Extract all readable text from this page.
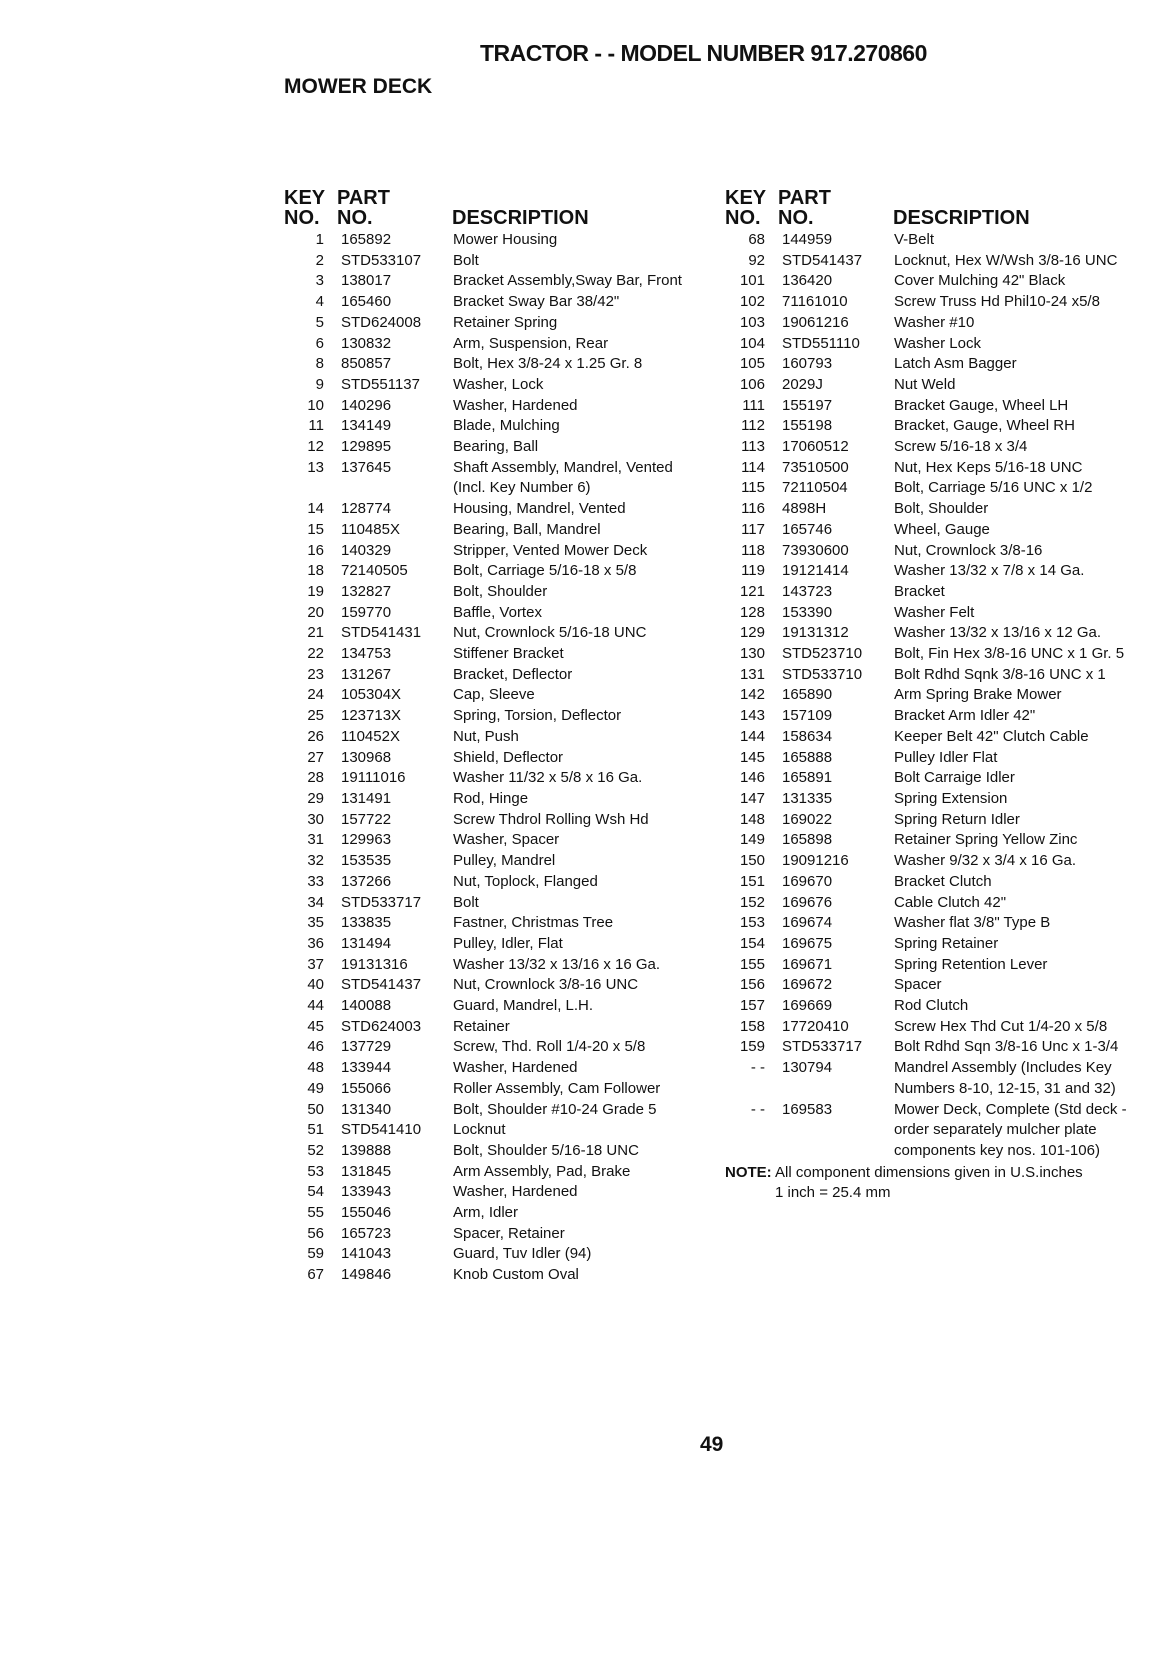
TRACTOR - - MODEL NUMBER 917.270860
MOWER DECK
KEY
NO.
PART
NO.	DESCRIPTION
1 165892	Mower Housing
2 STD533107	Bolt
3 138017	Bracket Assembly,Sway Bar, Front
4 165460	Bracket Sway Bar 38/42"
5 STD624008	Retainer Spring
6 130832	Arm, Suspension, Rear
8 850857	Bolt, Hex 3/8-24 x 1.25 Gr. 8
9 STD551137	Washer, Lock
10 140296	Washer, Hardened
11 134149	Blade, Mulching
12 129895	Bearing, Ball
13 137645	Shaft Assembly, Mandrel, Vented (Incl. Key Number 6)
14 128774	Housing, Mandrel, Vented
15 110485X	Bearing, Ball, Mandrel
16 140329	Stripper, Vented Mower Deck
18 72140505	Bolt, Carriage 5/16-18 x 5/8
19 132827	Bolt, Shoulder
20 159770	Baffle, Vortex
21 STD541431	Nut, Crownlock 5/16-18 UNC
22 134753	Stiffener Bracket
23 131267	Bracket, Deflector
24 105304X	Cap, Sleeve
25 123713X	Spring, Torsion, Deflector
26 110452X	Nut, Push
27 130968	Shield, Deflector
28 19111016	Washer 11/32 x 5/8 x 16 Ga.
29 131491	Rod, Hinge
30 157722	Screw Thdrol Rolling Wsh Hd
31 129963	Washer, Spacer
32 153535	Pulley, Mandrel
33 137266	Nut, Toplock, Flanged
34 STD533717	Bolt
35 133835	Fastner, Christmas Tree
36 131494	Pulley, Idler, Flat
37 19131316	Washer 13/32 x 13/16 x 16 Ga.
40 STD541437	Nut, Crownlock 3/8-16 UNC
44 140088	Guard, Mandrel, L.H.
45 STD624003	Retainer
46 137729	Screw, Thd. Roll 1/4-20 x 5/8
48 133944	Washer, Hardened
49 155066	Roller Assembly, Cam Follower
50 131340	Bolt, Shoulder #10-24 Grade 5
51 STD541410	Locknut
52 139888	Bolt, Shoulder 5/16-18 UNC
53 131845	Arm Assembly, Pad, Brake
54 133943	Washer, Hardened
55 155046	Arm, Idler
56 165723	Spacer, Retainer
59 141043	Guard, Tuv Idler (94)
67 149846	Knob Custom Oval
KEY
NO.
PART
NO.	DESCRIPTION
68 144959	V-Belt
92 STD541437	Locknut, Hex W/Wsh 3/8-16 UNC
101 136420	Cover Mulching 42" Black
102 71161010	Screw Truss Hd Phil10-24 x5/8
103 19061216	Washer #10
104 STD551110	Washer Lock
105 160793	Latch Asm Bagger
106 2029J	Nut Weld
111 155197	Bracket Gauge, Wheel LH
112 155198	Bracket, Gauge, Wheel RH
113 17060512	Screw 5/16-18 x 3/4
114 73510500	Nut, Hex Keps 5/16-18 UNC
115 72110504	Bolt, Carriage 5/16 UNC x 1/2
116 4898H	Bolt, Shoulder
117 165746	Wheel, Gauge
118 73930600	Nut, Crownlock 3/8-16
119 19121414	Washer 13/32 x 7/8 x 14 Ga.
121 143723	Bracket
128 153390	Washer Felt
129 19131312	Washer 13/32 x 13/16 x 12 Ga.
130 STD523710	Bolt, Fin Hex 3/8-16 UNC x 1 Gr. 5
131 STD533710	Bolt Rdhd Sqnk 3/8-16 UNC x 1
142 165890	Arm Spring Brake Mower
143 157109	Bracket Arm Idler 42"
144 158634	Keeper Belt 42" Clutch Cable
145 165888	Pulley Idler Flat
146 165891	Bolt Carraige Idler
147 131335	Spring Extension
148 169022	Spring Return Idler
149 165898	Retainer Spring Yellow Zinc
150 19091216	Washer 9/32 x 3/4 x 16 Ga.
151 169670	Bracket Clutch
152 169676	Cable Clutch 42"
153 169674	Washer flat 3/8" Type B
154 169675	Spring Retainer
155 169671	Spring Retention Lever
156 169672	Spacer
157 169669	Rod Clutch
158 17720410	Screw Hex Thd Cut 1/4-20 x 5/8
159 STD533717	Bolt Rdhd Sqn 3/8-16 Unc x 1-3/4
- - 130794	Mandrel Assembly (Includes Key Numbers 8-10, 12-15, 31 and 32)
- - 169583	Mower Deck, Complete (Std deck - order separately mulcher plate components key nos. 101-106)
NOTE: All component dimensions given in U.S.inches
1 inch = 25.4 mm
49
